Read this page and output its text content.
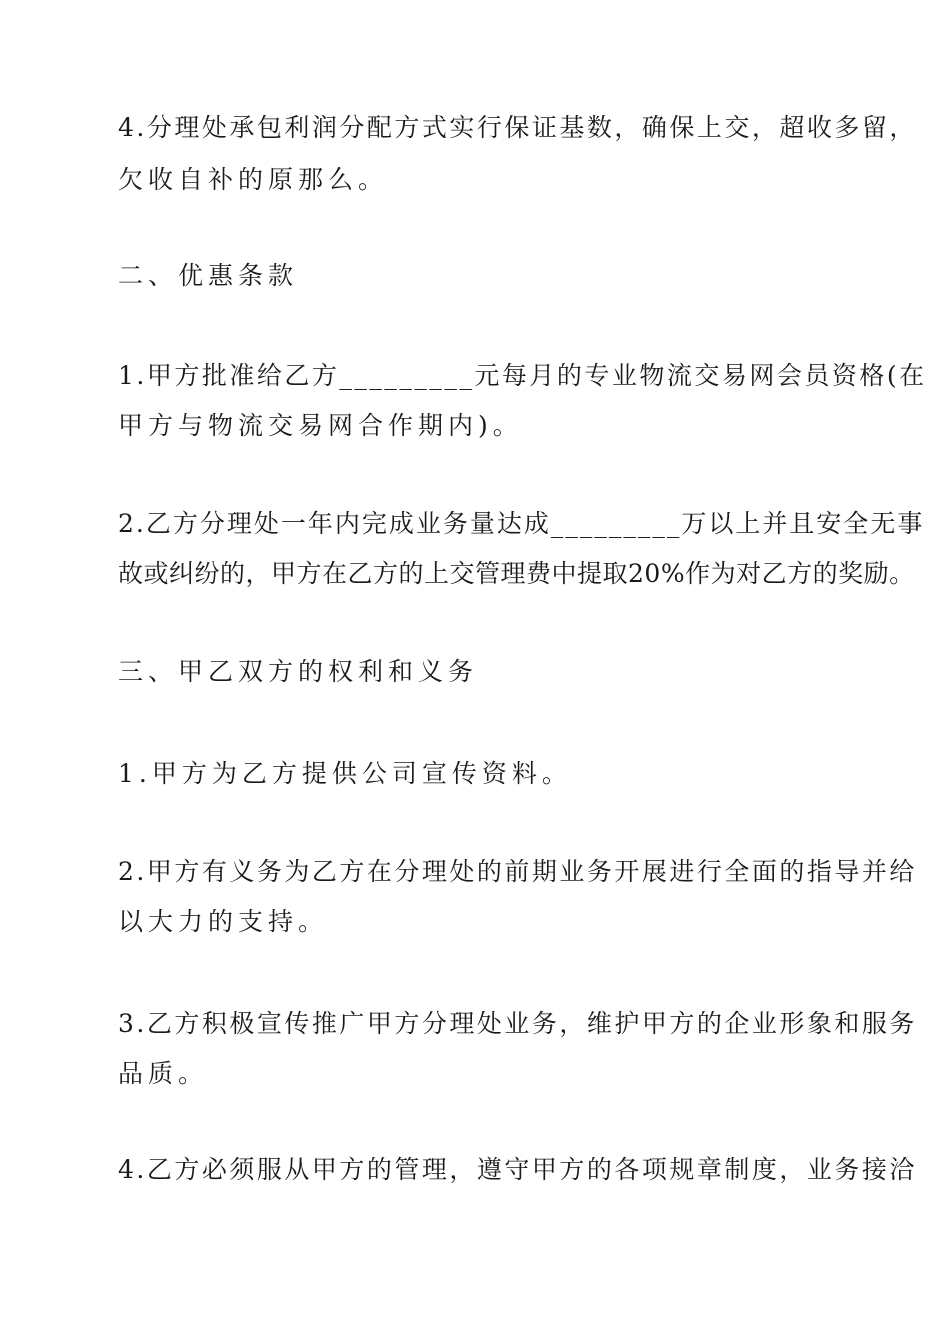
4.分理处承包利润分配方式实行保证基数，确保上交，超收多留，
欠收自补的原那么。
二、优惠条款
1.甲方批准给乙方_________元每月的专业物流交易网会员资格(在
甲方与物流交易网合作期内)。
2.乙方分理处一年内完成业务量达成_________万以上并且安全无事
故或纠纷的，甲方在乙方的上交管理费中提取20%作为对乙方的奖励。
三、甲乙双方的权利和义务
1.甲方为乙方提供公司宣传资料。
2.甲方有义务为乙方在分理处的前期业务开展进行全面的指导并给
以大力的支持。
3.乙方积极宣传推广甲方分理处业务，维护甲方的企业形象和服务
品质。
4.乙方必须服从甲方的管理，遵守甲方的各项规章制度，业务接洽
